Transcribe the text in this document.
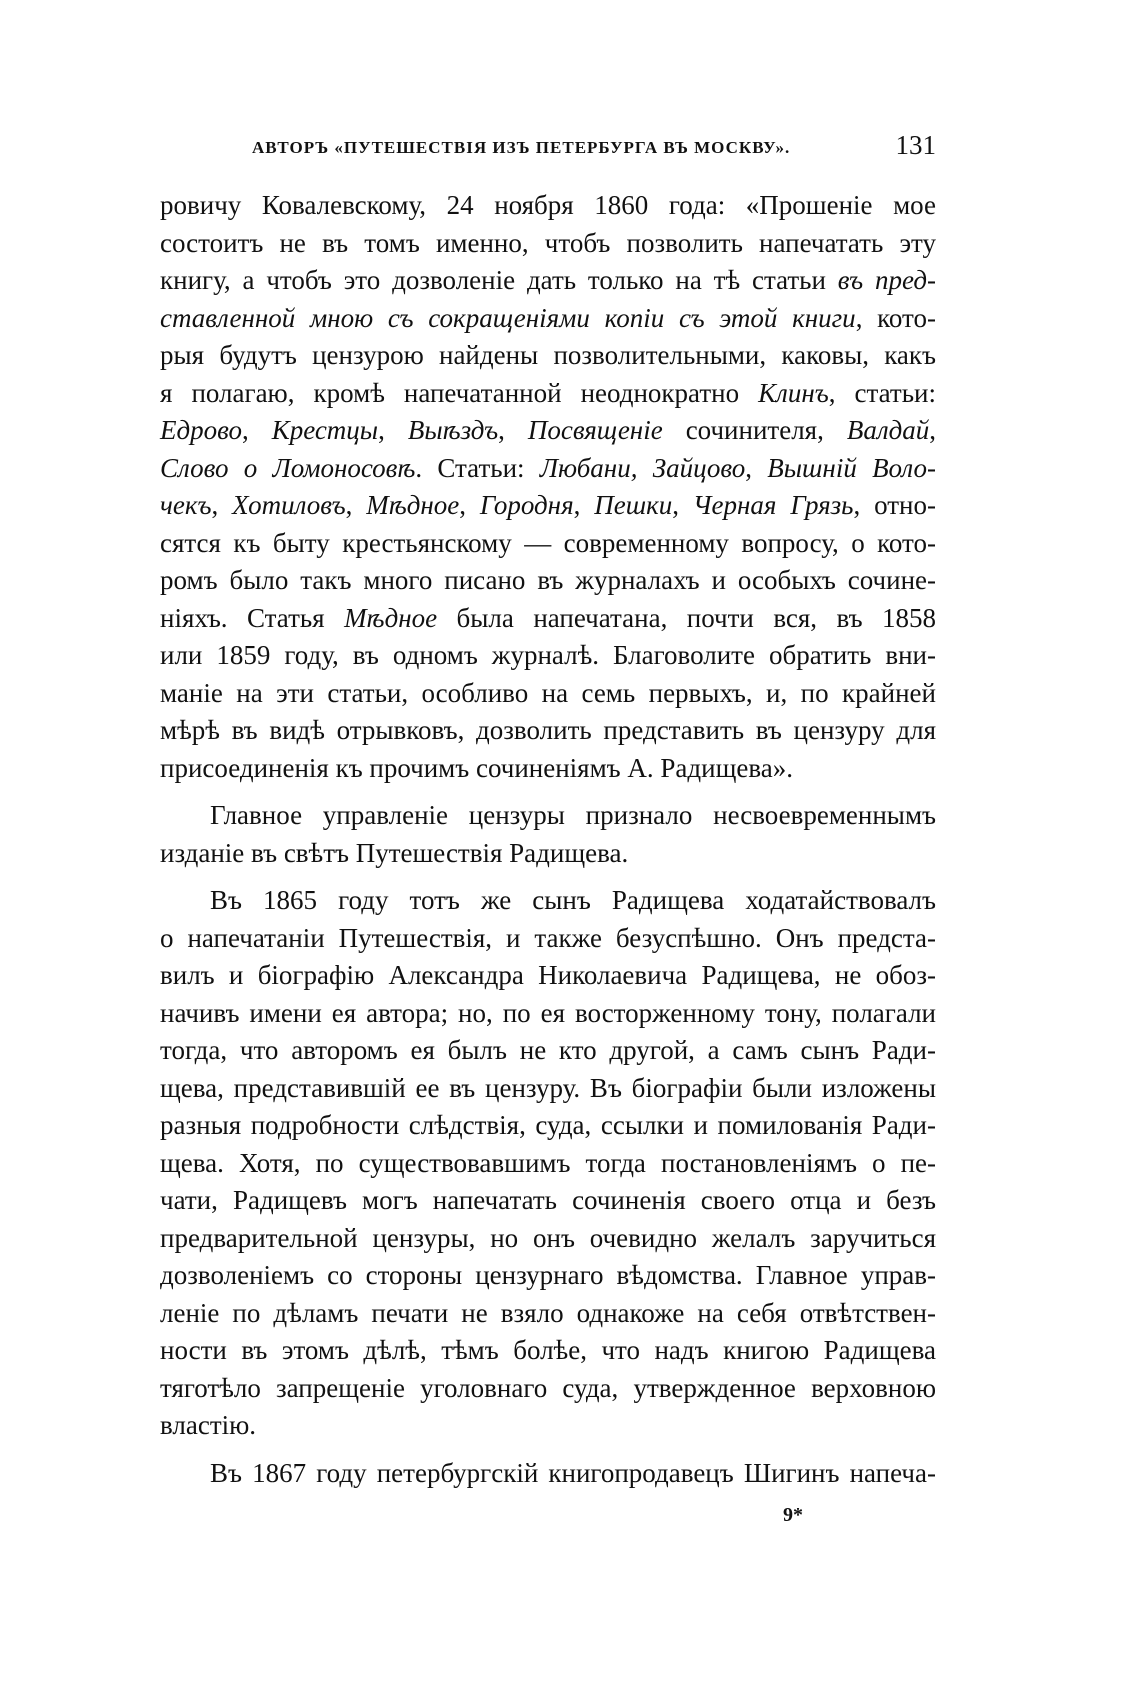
АВТОРЪ «ПУТЕШЕСТВІЯ ИЗЪ ПЕТЕРБУРГА ВЪ МОСКВУ».	131
ровичу Ковалевскому, 24 ноября 1860 года: «Прошеніе мое
состоитъ не въ томъ именно, чтобъ позволить напечатать эту
книгу, а чтобъ это дозволеніе дать только на тѣ статьи въ пред-
ставленной мною съ сокращеніями копіи съ этой книги, кото-
рыя будутъ цензурою найдены позволительными, каковы, какъ
я полагаю, кромѣ напечатанной неоднократно Клинъ, статьи:
Едрово, Крестцы, Выѣздъ, Посвященіе сочинителя, Валдай,
Слово о Ломоносовѣ. Статьи: Любани, Зайцово, Вышній Воло-
чекъ, Хотиловъ, Мѣдное, Городня, Пешки, Черная Грязь, отно-
сятся къ быту крестьянскому — современному вопросу, о кото-
ромъ было такъ много писано въ журналахъ и особыхъ сочине-
ніяхъ. Статья Мѣдное была напечатана, почти вся, въ 1858
или 1859 году, въ одномъ журналѣ. Благоволите обратить вни-
маніе на эти статьи, особливо на семь первыхъ, и, по крайней
мѣрѣ въ видѣ отрывковъ, дозволить представить въ цензуру для
присоединенія къ прочимъ сочиненіямъ А. Радищева».
Главное управленіе цензуры признало несвоевременнымъ
изданіе въ свѣтъ Путешествія Радищева.
Въ 1865 году тотъ же сынъ Радищева ходатайствовалъ
о напечатаніи Путешествія, и также безуспѣшно. Онъ предста-
вилъ и біографію Александра Николаевича Радищева, не обоз-
начивъ имени ея автора; но, по ея восторженному тону, полагали
тогда, что авторомъ ея былъ не кто другой, а самъ сынъ Ради-
щева, представившій ее въ цензуру. Въ біографіи были изложены
разныя подробности слѣдствія, суда, ссылки и помилованія Ради-
щева. Хотя, по существовавшимъ тогда постановленіямъ о пе-
чати, Радищевъ могъ напечатать сочиненія своего отца и безъ
предварительной цензуры, но онъ очевидно желалъ заручиться
дозволеніемъ со стороны цензурнаго вѣдомства. Главное управ-
леніе по дѣламъ печати не взяло однакоже на себя отвѣтствен-
ности въ этомъ дѣлѣ, тѣмъ болѣе, что надъ книгою Радищева
тяготѣло запрещеніе уголовнаго суда, утвержденное верховною
властію.
Въ 1867 году петербургскій книгопродавецъ Шигинъ напеча-
9*
